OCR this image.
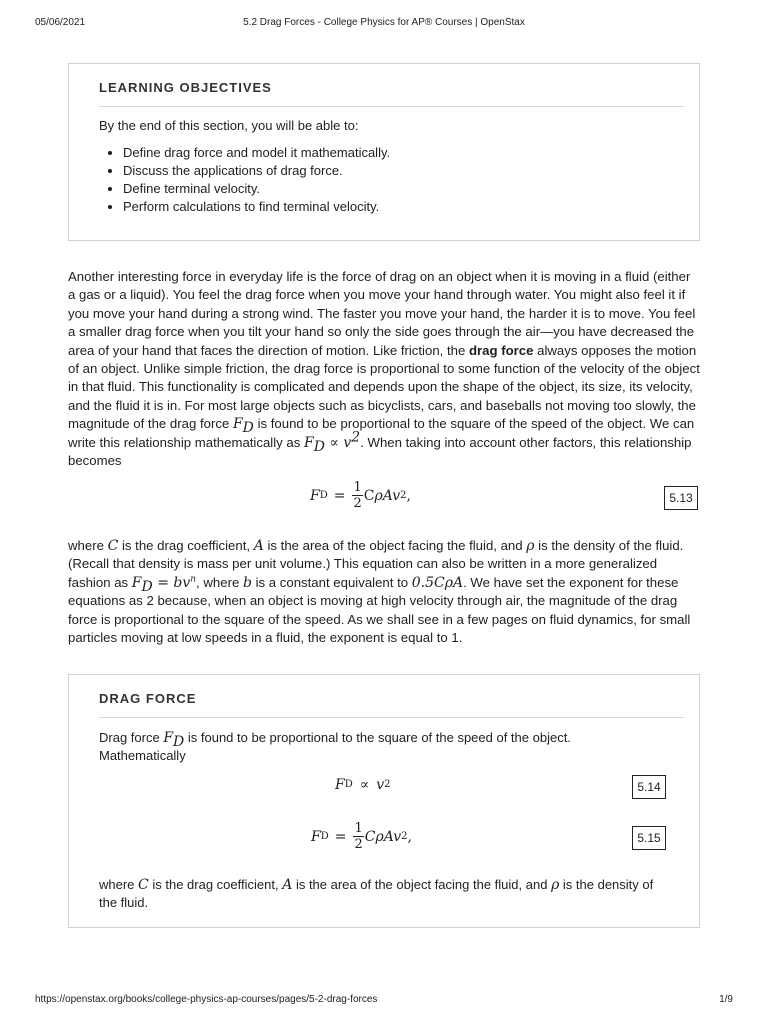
05/06/2021	5.2 Drag Forces - College Physics for AP® Courses | OpenStax
LEARNING OBJECTIVES
By the end of this section, you will be able to:
• Define drag force and model it mathematically.
• Discuss the applications of drag force.
• Define terminal velocity.
• Perform calculations to find terminal velocity.
Another interesting force in everyday life is the force of drag on an object when it is moving in a fluid (either a gas or a liquid). You feel the drag force when you move your hand through water. You might also feel it if you move your hand during a strong wind. The faster you move your hand, the harder it is to move. You feel a smaller drag force when you tilt your hand so only the side goes through the air—you have decreased the area of your hand that faces the direction of motion. Like friction, the drag force always opposes the motion of an object. Unlike simple friction, the drag force is proportional to some function of the velocity of the object in that fluid. This functionality is complicated and depends upon the shape of the object, its size, its velocity, and the fluid it is in. For most large objects such as bicyclists, cars, and baseballs not moving too slowly, the magnitude of the drag force $F_D$ is found to be proportional to the square of the speed of the object. We can write this relationship mathematically as $F_D \propto v^2$. When taking into account other factors, this relationship becomes
F $D = \frac{1}{2}$ C ρAv 2 ,	5.13
where C is the drag coefficient, A is the area of the object facing the fluid, and ρ is the density of the fluid. (Recall that density is mass per unit volume.) This equation can also be written in a more generalized fashion as $F_D = bv^n$, where b is a constant equivalent to 0.5CρA. We have set the exponent for these equations as 2 because, when an object is moving at high velocity through air, the magnitude of the drag force is proportional to the square of the speed. As we shall see in a few pages on fluid dynamics, for small particles moving at low speeds in a fluid, the exponent is equal to 1.
DRAG FORCE
Drag force $F_D$ is found to be proportional to the square of the speed of the object. Mathematically
F D ∝ v 2	5.14
F $D = \frac{1}{2}$ CρAv 2 ,	5.15
where C is the drag coefficient, A is the area of the object facing the fluid, and ρ is the density of the fluid.
https://openstax.org/books/college-physics-ap-courses/pages/5-2-drag-forces	1/9
